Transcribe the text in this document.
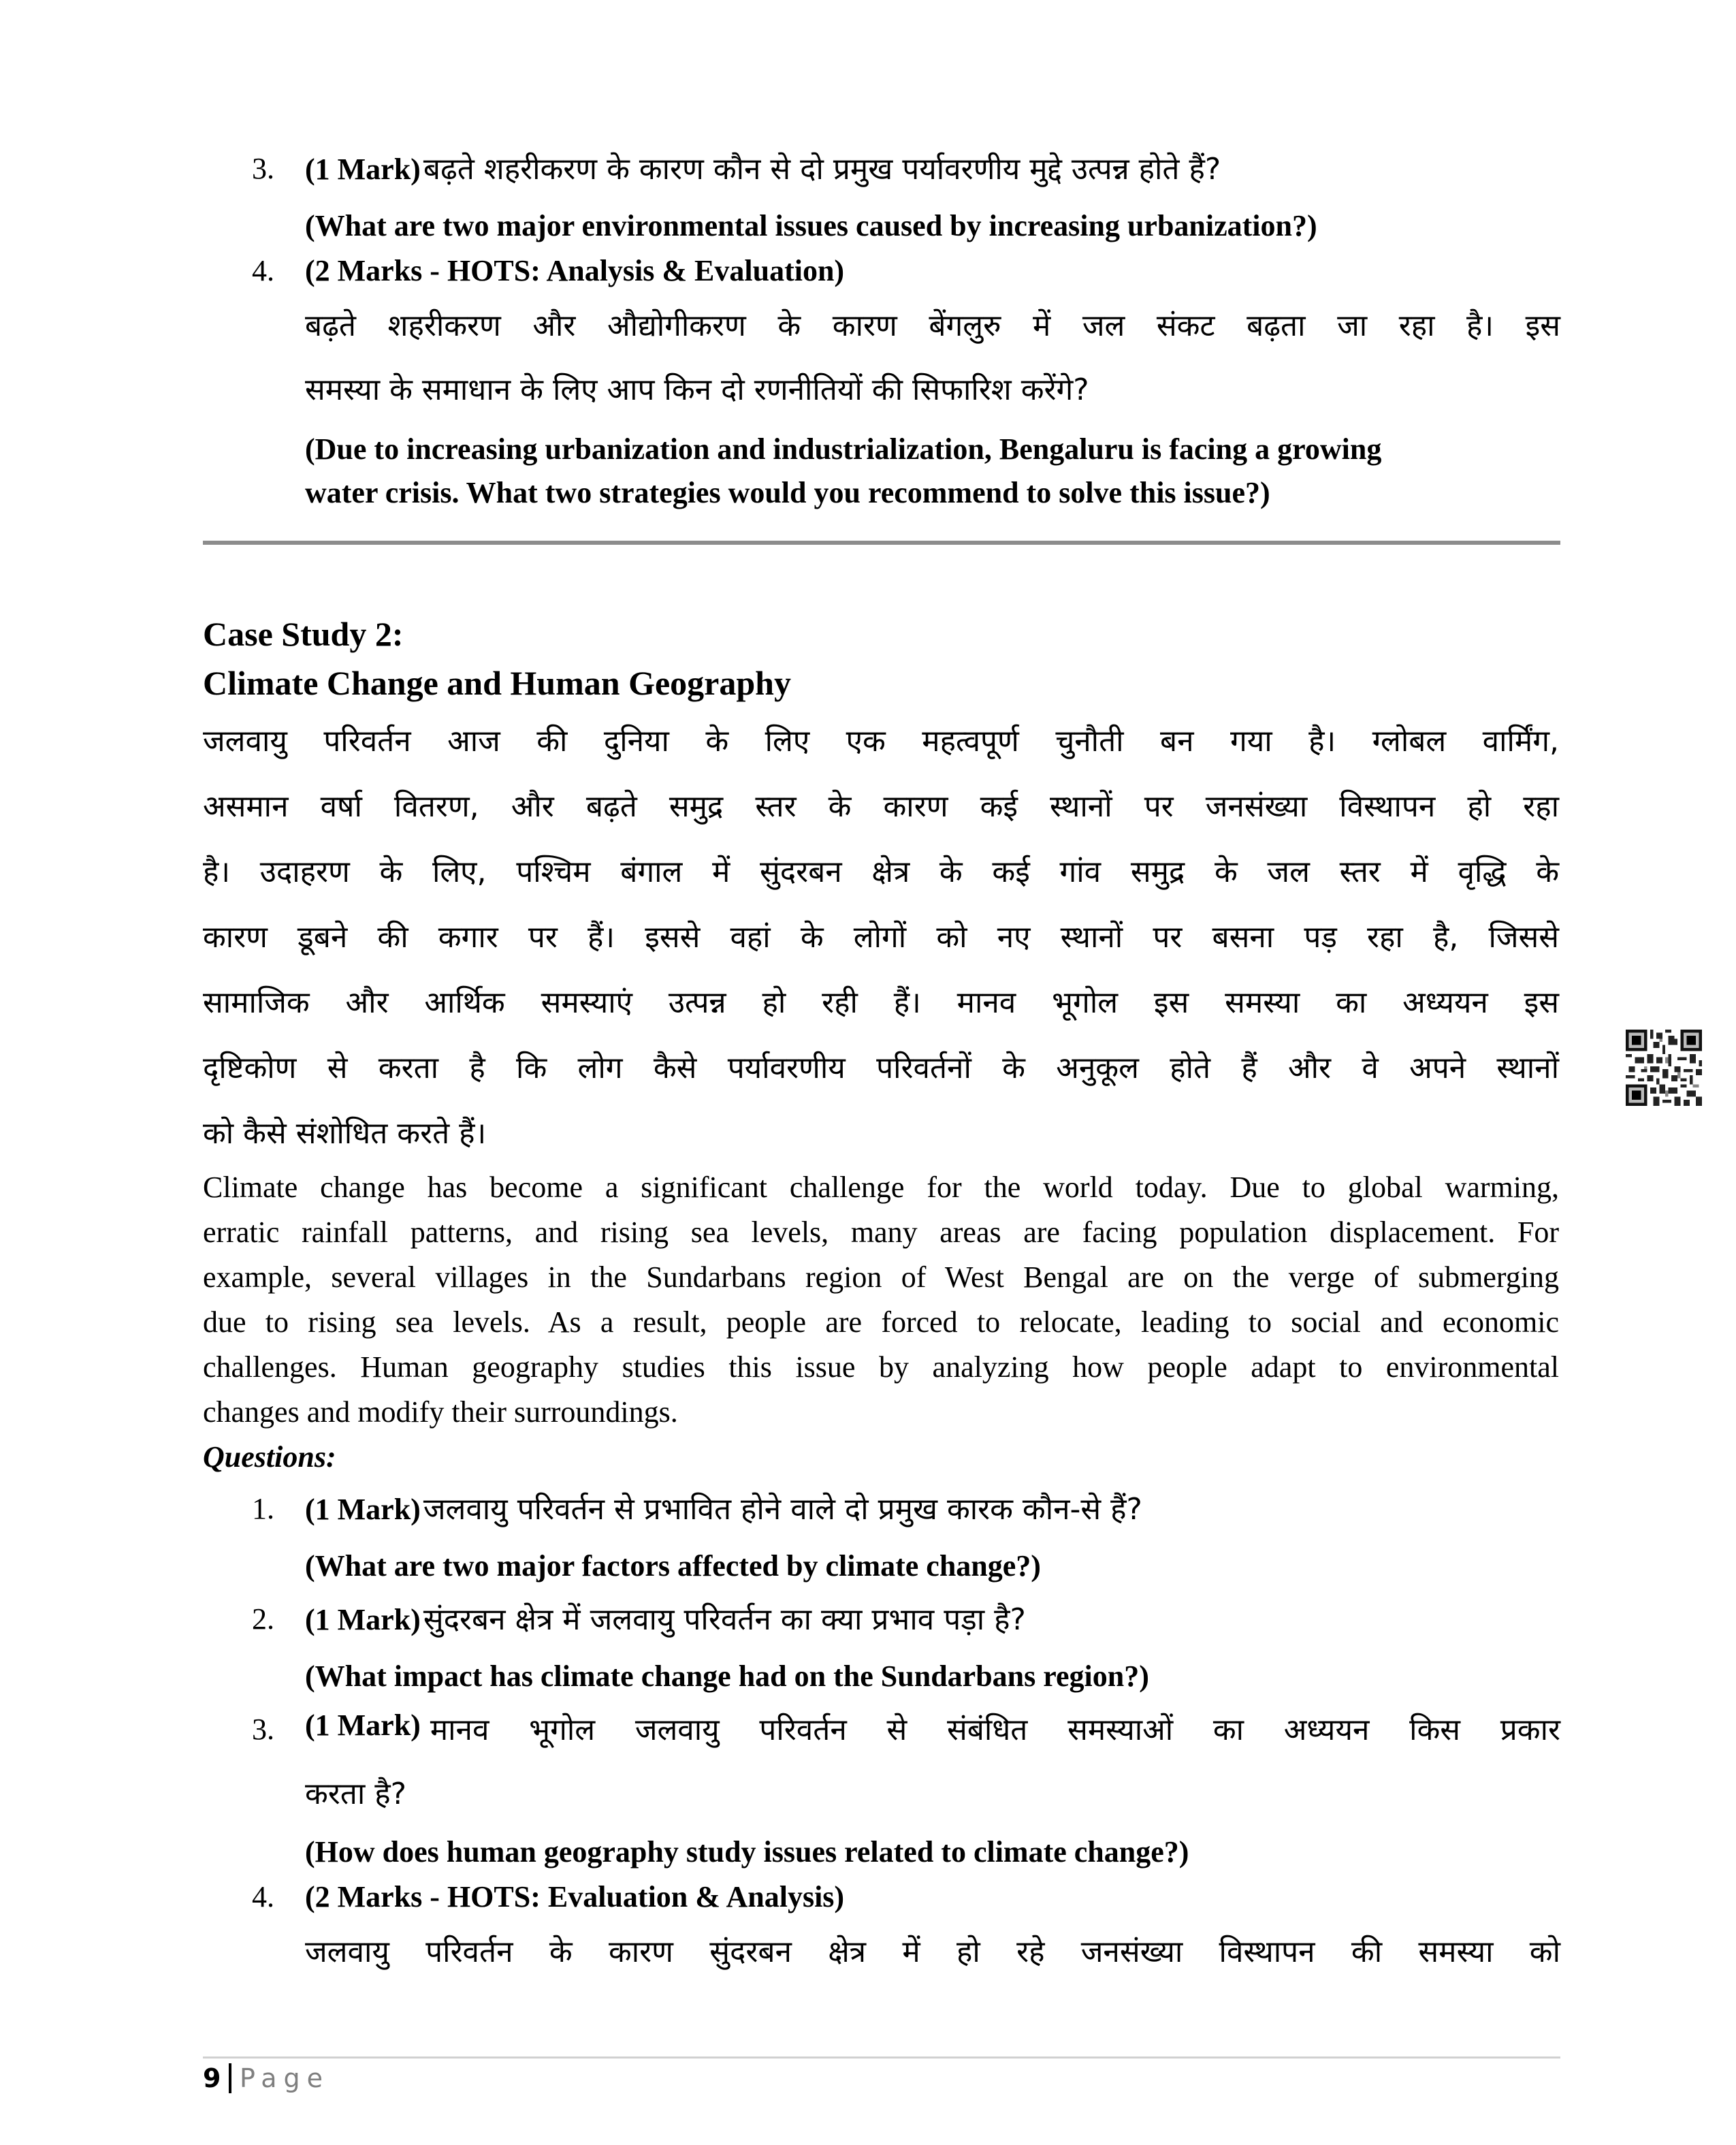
3. (1 Mark) बढ़ते शहरीकरण के कारण कौन से दो प्रमुख पर्यावरणीय मुद्दे उत्पन्न होते हैं?
(What are two major environmental issues caused by increasing urbanization?)
4. (2 Marks - HOTS: Analysis & Evaluation)
बढ़ते शहरीकरण और औद्योगीकरण के कारण बेंगलुरु में जल संकट बढ़ता जा रहा है। इस
समस्या के समाधान के लिए आप किन दो रणनीतियों की सिफारिश करेंगे?
(Due to increasing urbanization and industrialization, Bengaluru is facing a growing
water crisis. What two strategies would you recommend to solve this issue?)
Case Study 2:
Climate Change and Human Geography
जलवायु परिवर्तन आज की दुनिया के लिए एक महत्वपूर्ण चुनौती बन गया है। ग्लोबल वार्मिंग,
असमान वर्षा वितरण, और बढ़ते समुद्र स्तर के कारण कई स्थानों पर जनसंख्या विस्थापन हो रहा
है। उदाहरण के लिए, पश्चिम बंगाल में सुंदरबन क्षेत्र के कई गांव समुद्र के जल स्तर में वृद्धि के
कारण डूबने की कगार पर हैं। इससे वहां के लोगों को नए स्थानों पर बसना पड़ रहा है, जिससे
सामाजिक और आर्थिक समस्याएं उत्पन्न हो रही हैं। मानव भूगोल इस समस्या का अध्ययन इस
दृष्टिकोण से करता है कि लोग कैसे पर्यावरणीय परिवर्तनों के अनुकूल होते हैं और वे अपने स्थानों
को कैसे संशोधित करते हैं।
Climate change has become a significant challenge for the world today. Due to global warming,
erratic rainfall patterns, and rising sea levels, many areas are facing population displacement. For
example, several villages in the Sundarbans region of West Bengal are on the verge of submerging
due to rising sea levels. As a result, people are forced to relocate, leading to social and economic
challenges. Human geography studies this issue by analyzing how people adapt to environmental
changes and modify their surroundings.
Questions:
1. (1 Mark) जलवायु परिवर्तन से प्रभावित होने वाले दो प्रमुख कारक कौन-से हैं?
(What are two major factors affected by climate change?)
2. (1 Mark) सुंदरबन क्षेत्र में जलवायु परिवर्तन का क्या प्रभाव पड़ा है?
(What impact has climate change had on the Sundarbans region?)
3. (1 Mark) मानव भूगोल जलवायु परिवर्तन से संबंधित समस्याओं का अध्ययन किस प्रकार
करता है?
(How does human geography study issues related to climate change?)
4. (2 Marks - HOTS: Evaluation & Analysis)
जलवायु परिवर्तन के कारण सुंदरबन क्षेत्र में हो रहे जनसंख्या विस्थापन की समस्या को
9 Page
